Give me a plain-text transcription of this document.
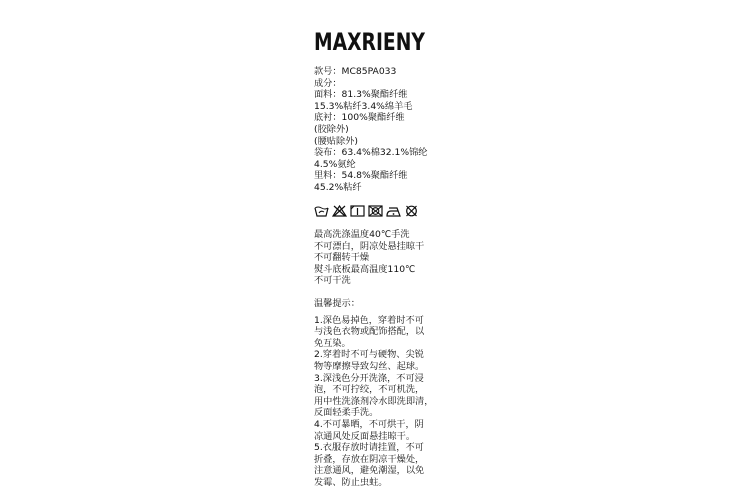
MAXRIENY
款号：MC85PA033
成分：
面料：81.3%聚酯纤维
15.3%粘纤3.4%绵羊毛
底衬：100%聚酯纤维
(胶除外)
(腰贴除外)
袋布：63.4%棉32.1%锦纶
4.5%氨纶
里料：54.8%聚酯纤维
45.2%粘纤
最高洗涤温度40℃手洗
不可漂白，阴凉处悬挂晾干
不可翻转干燥
熨斗底板最高温度110℃
不可干洗
温馨提示：
1.深色易掉色，穿着时不可
与浅色衣物或配饰搭配，以
免互染。
2.穿着时不可与硬物、尖锐
物等摩擦导致勾丝、起球。
3.深浅色分开洗涤，不可浸
泡，不可拧绞，不可机洗，
用中性洗涤剂冷水即洗即清，
反面轻柔手洗。
4.不可暴晒，不可烘干，阴
凉通风处反面悬挂晾干。
5.衣服存放时请挂置，不可
折叠，存放在阴凉干燥处，
注意通风，避免潮湿，以免
发霉、防止虫蛀。
